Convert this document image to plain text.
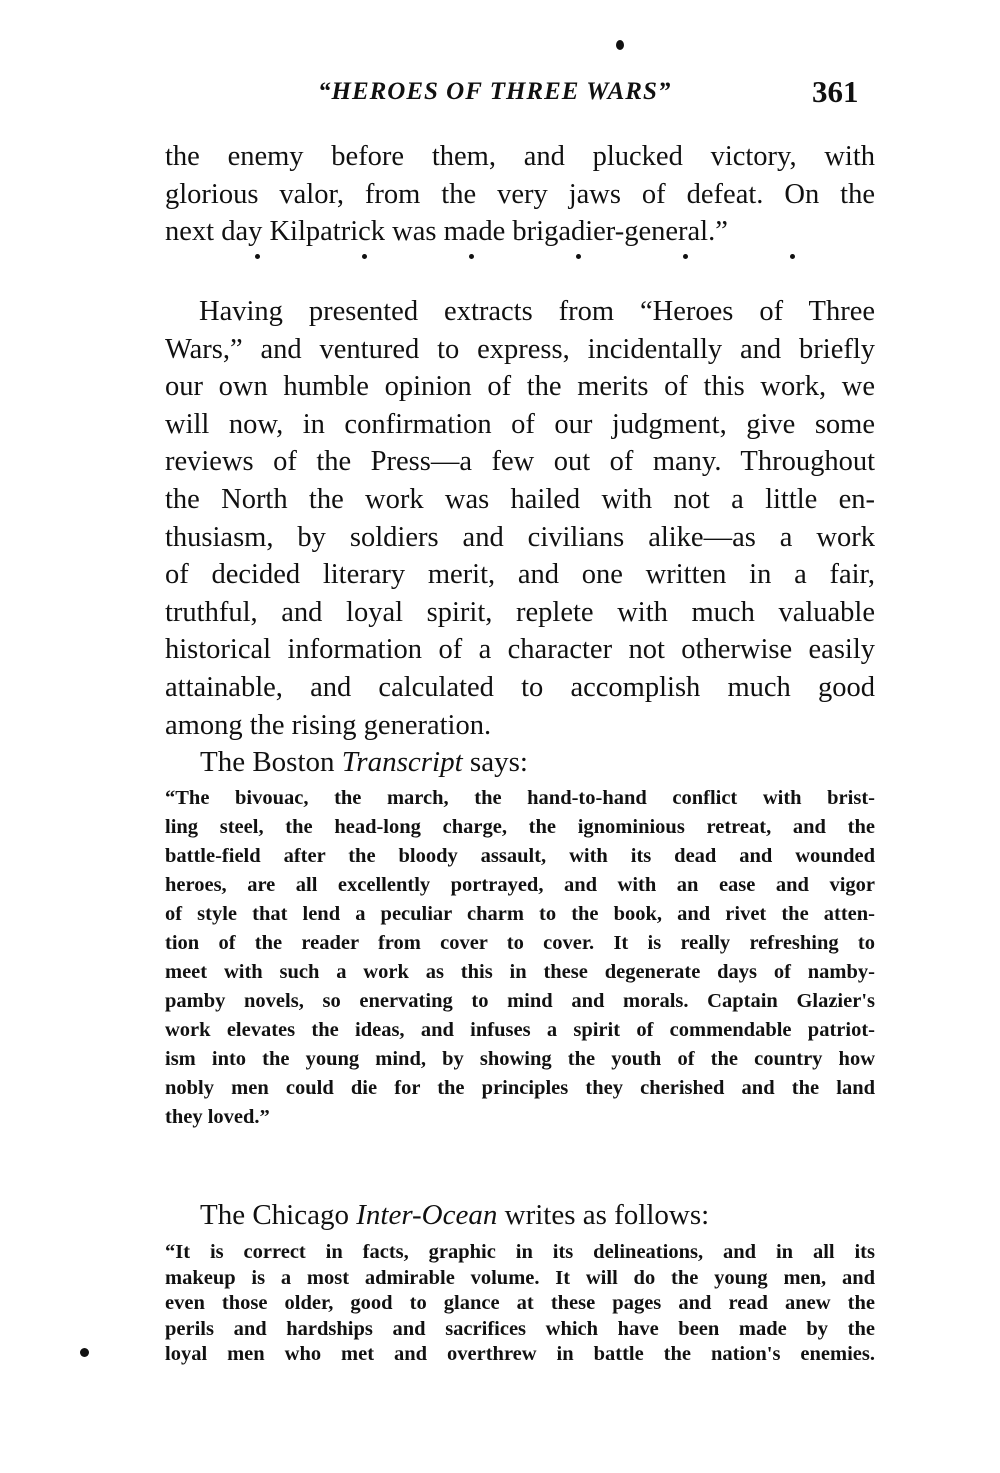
“HEROES OF THREE WARS”	361
the enemy before them, and plucked victory, with
glorious valor, from the very jaws of defeat. On the
next day Kilpatrick was made brigadier-general.”
Having presented extracts from “Heroes of Three
Wars,” and ventured to express, incidentally and briefly
our own humble opinion of the merits of this work, we
will now, in confirmation of our judgment, give some
reviews of the Press—a few out of many. Throughout
the North the work was hailed with not a little en-
thusiasm, by soldiers and civilians alike—as a work
of decided literary merit, and one written in a fair,
truthful, and loyal spirit, replete with much valuable
historical information of a character not otherwise easily
attainable, and calculated to accomplish much good
among the rising generation.
The Boston Transcript says:
“The bivouac, the march, the hand-to-hand conflict with brist-
ling steel, the head-long charge, the ignominious retreat, and the
battle-field after the bloody assault, with its dead and wounded
heroes, are all excellently portrayed, and with an ease and vigor
of style that lend a peculiar charm to the book, and rivet the atten-
tion of the reader from cover to cover. It is really refreshing to
meet with such a work as this in these degenerate days of namby-
pamby novels, so enervating to mind and morals. Captain Glazier's
work elevates the ideas, and infuses a spirit of commendable patriot-
ism into the young mind, by showing the youth of the country how
nobly men could die for the principles they cherished and the land
they loved.”
The Chicago Inter-Ocean writes as follows:
“It is correct in facts, graphic in its delineations, and in all its
makeup is a most admirable volume. It will do the young men, and
even those older, good to glance at these pages and read anew the
perils and hardships and sacrifices which have been made by the
loyal men who met and overthrew in battle the nation's enemies.
